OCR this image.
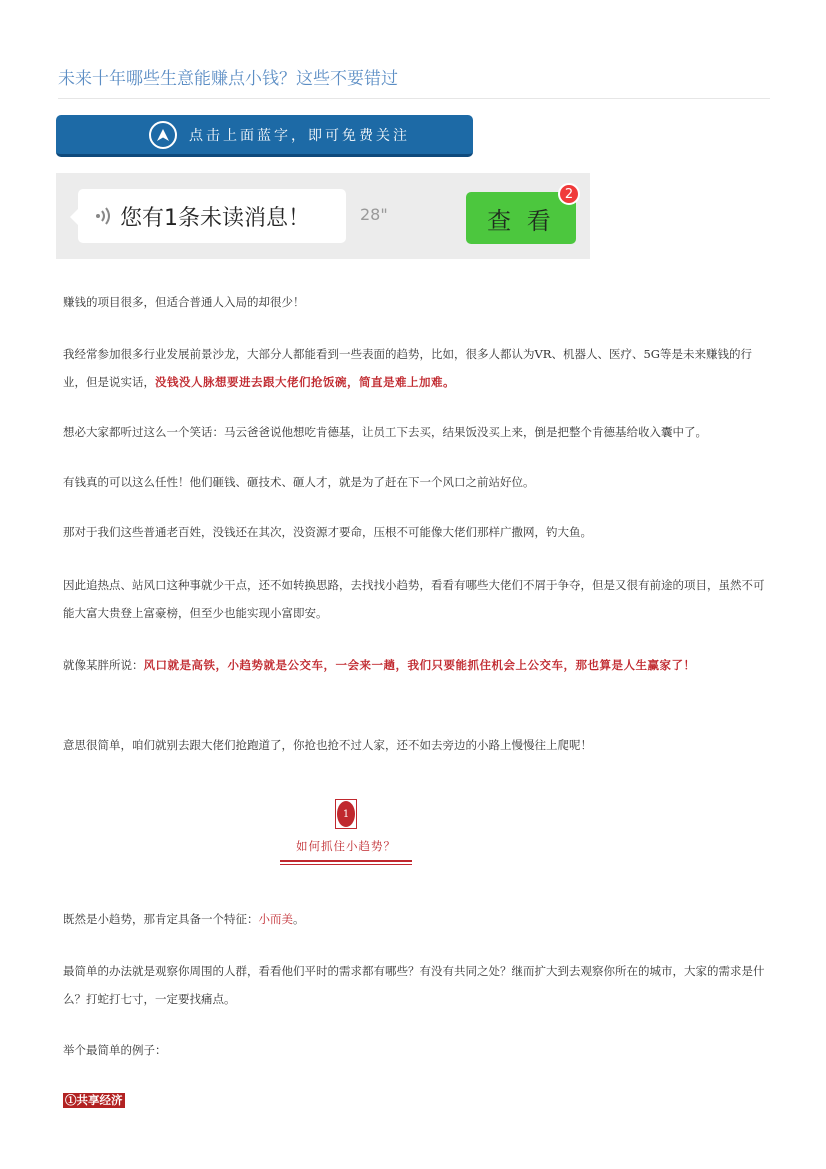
未来十年哪些生意能赚点小钱？这些不要错过
点击上面蓝字，即可免费关注
您有1条未读消息！	28"	查 看
2

赚钱的项目很多，但适合普通人入局的却很少！

我经常参加很多行业发展前景沙龙，大部分人都能看到一些表面的趋势，比如，很多人都认为VR、机器人、医疗、5G等是未来赚钱的行业，但是说实话，没钱没人脉想要进去跟大佬们抢饭碗，简直是难上加难。

想必大家都听过这么一个笑话：马云爸爸说他想吃肯德基，让员工下去买，结果饭没买上来，倒是把整个肯德基给收入囊中了。

有钱真的可以这么任性！他们砸钱、砸技术、砸人才，就是为了赶在下一个风口之前站好位。

那对于我们这些普通老百姓，没钱还在其次，没资源才要命，压根不可能像大佬们那样广撒网，钓大鱼。

因此追热点、站风口这种事就少干点，还不如转换思路，去找找小趋势，看看有哪些大佬们不屑于争夺，但是又很有前途的项目，虽然不可能大富大贵登上富豪榜，但至少也能实现小富即安。

就像某胖所说：风口就是高铁，小趋势就是公交车，一会来一趟，我们只要能抓住机会上公交车，那也算是人生赢家了！

意思很简单，咱们就别去跟大佬们抢跑道了，你抢也抢不过人家，还不如去旁边的小路上慢慢往上爬呢！

1
如何抓住小趋势？

既然是小趋势，那肯定具备一个特征：小而美。

最简单的办法就是观察你周围的人群，看看他们平时的需求都有哪些？有没有共同之处？继而扩大到去观察你所在的城市，大家的需求是什么？打蛇打七寸，一定要找痛点。

举个最简单的例子：

①共享经济
